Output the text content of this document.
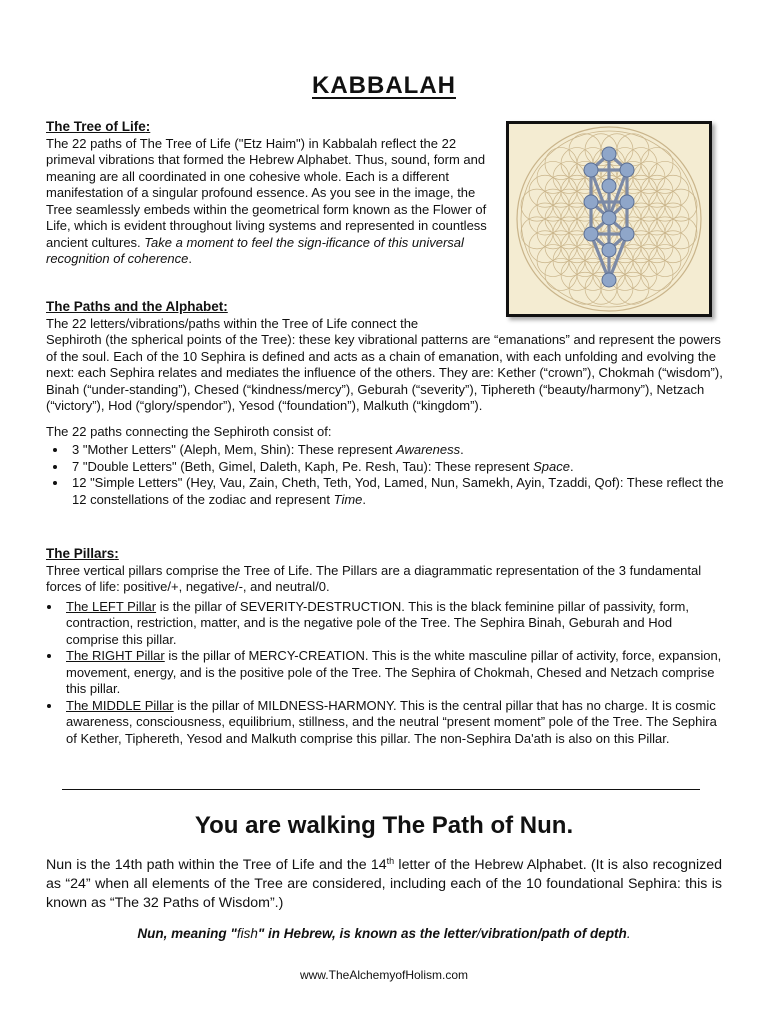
KABBALAH
The Tree of Life:

The 22 paths of The Tree of Life ("Etz Haim") in Kabbalah reflect the 22 primeval vibrations that formed the Hebrew Alphabet. Thus, sound, form and meaning are all coordinated in one cohesive whole. Each is a different manifestation of a singular profound essence. As you see in the image, the Tree seamlessly embeds within the geometrical form known as the Flower of Life, which is evident throughout living systems and represented in countless ancient cultures. Take a moment to feel the sign-ificance of this universal recognition of coherence.

The Paths and the Alphabet:

The 22 letters/vibrations/paths within the Tree of Life connect the

Sephiroth (the spherical points of the Tree): these key vibrational patterns are “emanations” and represent the powers of the soul. Each of the 10 Sephira is defined and acts as a chain of emanation, with each unfolding and evolving the next: each Sephira relates and mediates the influence of the others. They are: Kether (“crown”), Chokmah (“wisdom”), Binah (“under-standing”), Chesed (“kindness/mercy”), Geburah (“severity”), Tiphereth (“beauty/harmony”), Netzach (“victory”), Hod (“glory/spendor”), Yesod (“foundation”), Malkuth (“kingdom”).

The 22 paths connecting the Sephiroth consist of:

• 3 "Mother Letters" (Aleph, Mem, Shin): These represent Awareness.
• 7 "Double Letters" (Beth, Gimel, Daleth, Kaph, Pe. Resh, Tau): These represent Space.
• 12 "Simple Letters" (Hey, Vau, Zain, Cheth, Teth, Yod, Lamed, Nun, Samekh, Ayin, Tzaddi, Qof): These reflect the 12 constellations of the zodiac and represent Time.
The Pillars:

Three vertical pillars comprise the Tree of Life. The Pillars are a diagrammatic representation of the 3 fundamental forces of life: positive/+, negative/-, and neutral/0.

• The LEFT Pillar is the pillar of SEVERITY-DESTRUCTION. This is the black feminine pillar of passivity, form, contraction, restriction, matter, and is the negative pole of the Tree. The Sephira Binah, Geburah and Hod comprise this pillar.
• The RIGHT Pillar is the pillar of MERCY-CREATION. This is the white masculine pillar of activity, force, expansion, movement, energy, and is the positive pole of the Tree. The Sephira of Chokmah, Chesed and Netzach comprise this pillar.
• The MIDDLE Pillar is the pillar of MILDNESS-HARMONY. This is the central pillar that has no charge. It is cosmic awareness, consciousness, equilibrium, stillness, and the neutral “present moment” pole of the Tree. The Sephira of Kether, Tiphereth, Yesod and Malkuth comprise this pillar. The non-Sephira Da'ath is also on this Pillar.
You are walking The Path of Nun.
Nun is the 14th path within the Tree of Life and the 14th letter of the Hebrew Alphabet. (It is also recognized as “24” when all elements of the Tree are considered, including each of the 10 foundational Sephira: this is known as “The 32 Paths of Wisdom”.)
Nun, meaning "fish" in Hebrew, is known as the letter/vibration/path of depth.
www.TheAlchemyofHolism.com
